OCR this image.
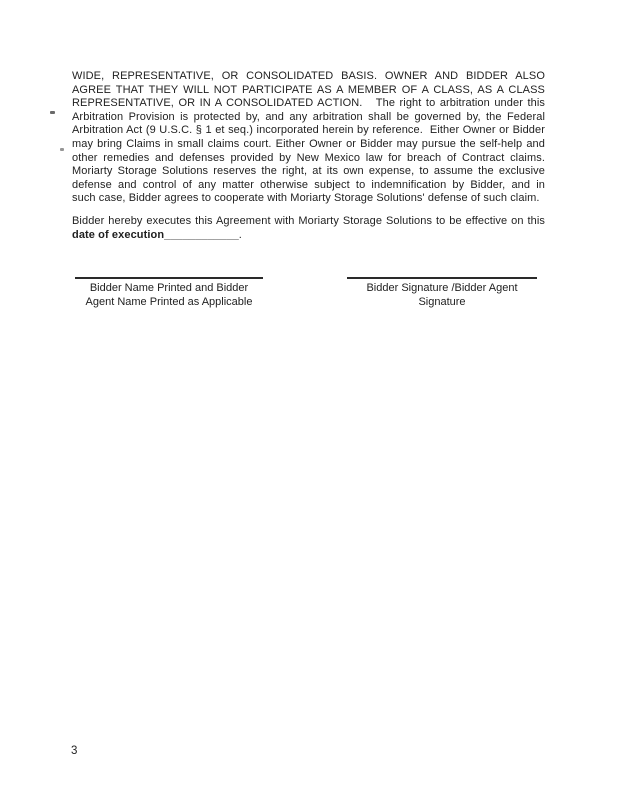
WIDE, REPRESENTATIVE, OR CONSOLIDATED BASIS. OWNER AND BIDDER ALSO
AGREE THAT THEY WILL NOT PARTICIPATE AS A MEMBER OF A CLASS, AS A CLASS
REPRESENTATIVE, OR IN A CONSOLIDATED ACTION.   The right to arbitration under this
Arbitration Provision is protected by, and any arbitration shall be governed by, the Federal
Arbitration Act (9 U.S.C. § 1 et seq.) incorporated herein by reference.  Either Owner or Bidder
may bring Claims in small claims court. Either Owner or Bidder may pursue the self-help and
other remedies and defenses provided by New Mexico law for breach of Contract claims.
Moriarty Storage Solutions reserves the right, at its own expense, to assume the exclusive
defense and control of any matter otherwise subject to indemnification by Bidder, and in
such case, Bidder agrees to cooperate with Moriarty Storage Solutions' defense of such claim.
Bidder hereby executes this Agreement with Moriarty Storage Solutions to be effective on this
date of execution____________.
Bidder Name Printed and Bidder
Agent Name Printed as Applicable
Bidder Signature /Bidder Agent
Signature
3
